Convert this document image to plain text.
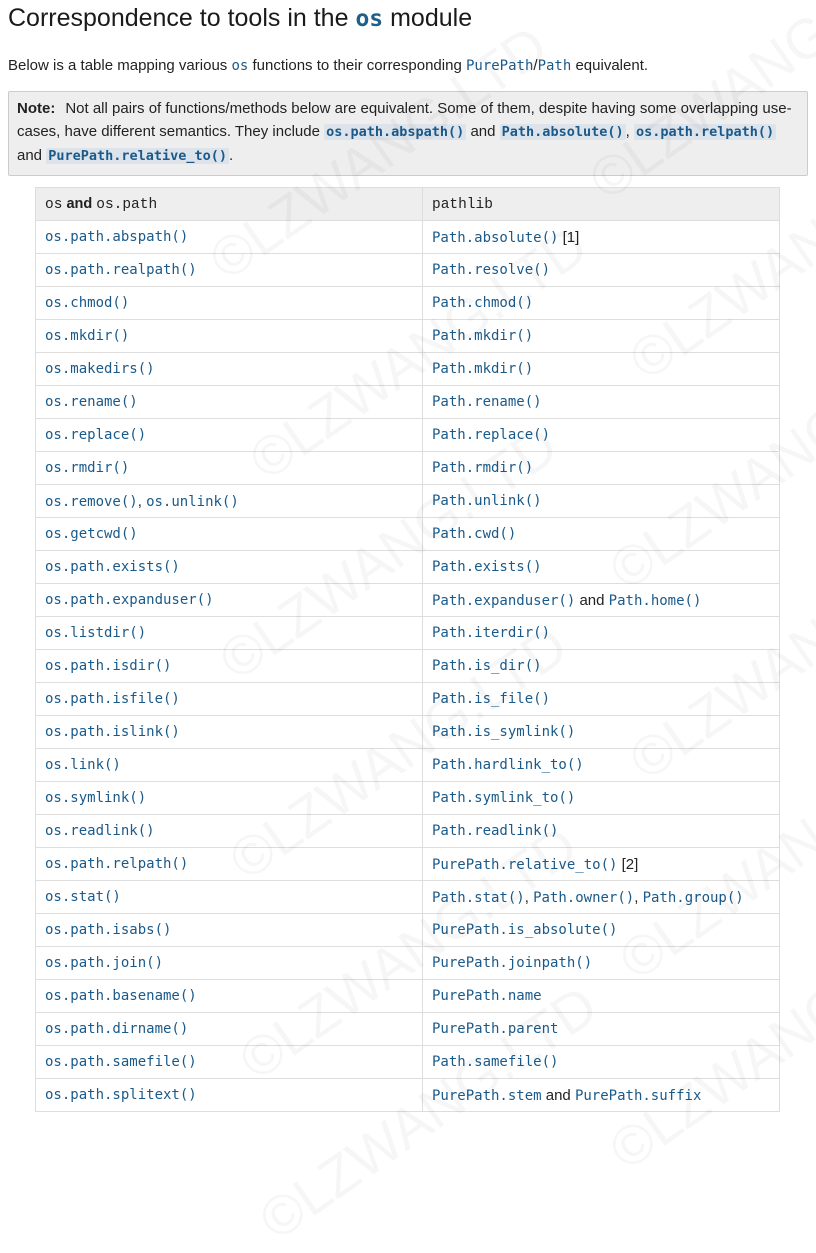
Correspondence to tools in the os module

Below is a table mapping various os functions to their corresponding PurePath/Path equivalent.

Note: Not all pairs of functions/methods below are equivalent. Some of them, despite having some overlapping use-cases, have different semantics. They include os.path.abspath() and Path.absolute() , os.path.relpath() and PurePath.relative_to() .
os and os.path	pathlib
os.path.abspath()	Path.absolute() [1]
os.path.realpath()	Path.resolve()
os.chmod()	Path.chmod()
os.mkdir()	Path.mkdir()
os.makedirs()	Path.mkdir()
os.rename()	Path.rename()
os.replace()	Path.replace()
os.rmdir()	Path.rmdir()
os.remove(), os.unlink()	Path.unlink()
os.getcwd()	Path.cwd()
os.path.exists()	Path.exists()
os.path.expanduser()	Path.expanduser() and Path.home()
os.listdir()	Path.iterdir()
os.path.isdir()	Path.is_dir()
os.path.isfile()	Path.is_file()
os.path.islink()	Path.is_symlink()
os.link()	Path.hardlink_to()
os.symlink()	Path.symlink_to()
os.readlink()	Path.readlink()
os.path.relpath()	PurePath.relative_to() [2]
os.stat()	Path.stat(), Path.owner(), Path.group()
os.path.isabs()	PurePath.is_absolute()
os.path.join()	PurePath.joinpath()
os.path.basename()	PurePath.name
os.path.dirname()	PurePath.parent
os.path.samefile()	Path.samefile()
os.path.splitext()	PurePath.stem and PurePath.suffix
